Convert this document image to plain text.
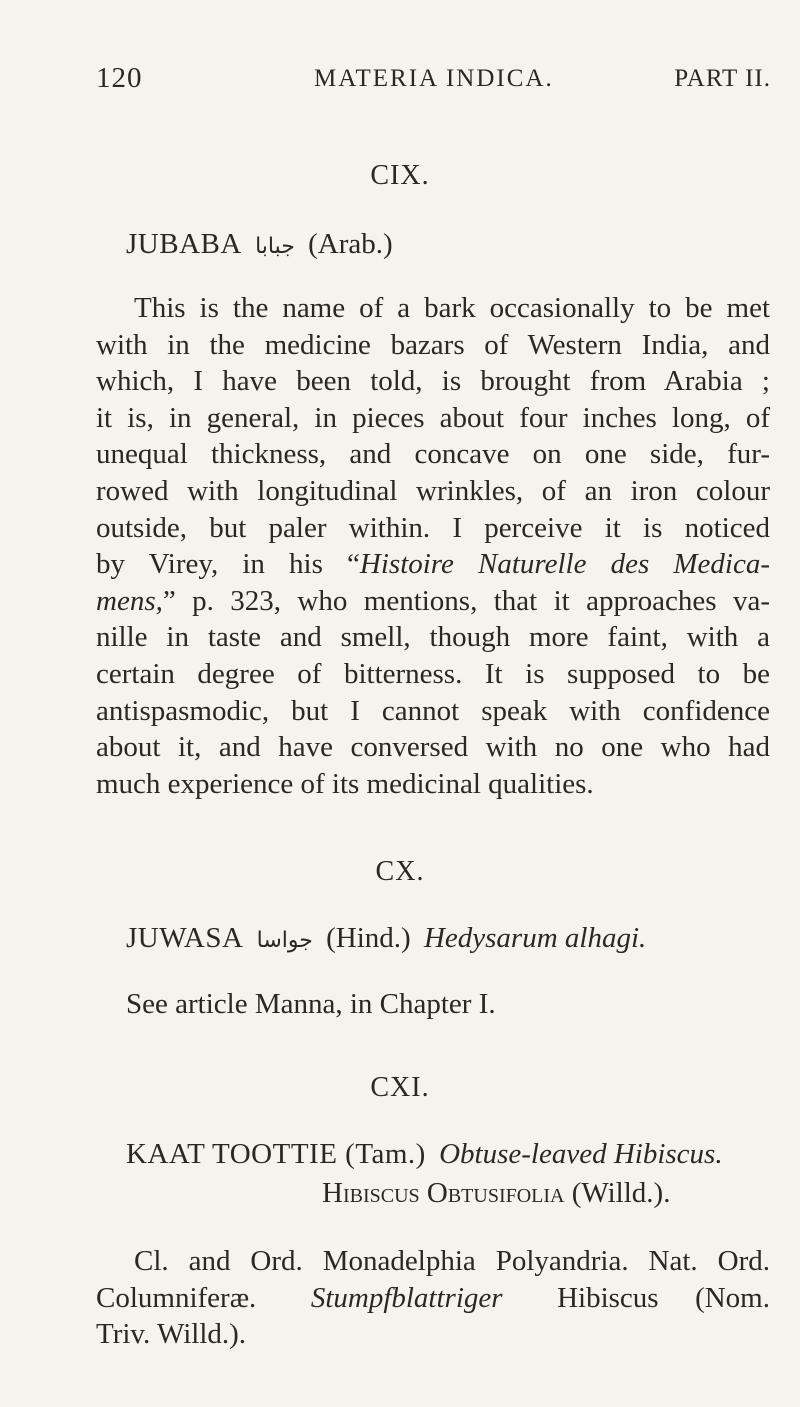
120	MATERIA INDICA.	PART II.
CIX.
JUBABA جبابا (Arab.)
This is the name of a bark occasionally to be met
with in the medicine bazars of Western India, and
which, I have been told, is brought from Arabia ;
it is, in general, in pieces about four inches long, of
unequal thickness, and concave on one side, fur-
rowed with longitudinal wrinkles, of an iron colour
outside, but paler within. I perceive it is noticed
by Virey, in his “Histoire Naturelle des Medica-
mens,” p. 323, who mentions, that it approaches va-
nille in taste and smell, though more faint, with a
certain degree of bitterness. It is supposed to be
antispasmodic, but I cannot speak with confidence
about it, and have conversed with no one who had
much experience of its medicinal qualities.
CX.
JUWASA جواسا (Hind.) Hedysarum alhagi.
See article Manna, in Chapter I.
CXI.
KAAT TOOTTIE (Tam.) Obtuse-leaved Hibiscus.
Hibiscus Obtusifolia (Willd.).
Cl. and Ord. Monadelphia Polyandria. Nat. Ord.
Columniferæ. Stumpfblattriger Hibiscus (Nom.
Triv. Willd.).
